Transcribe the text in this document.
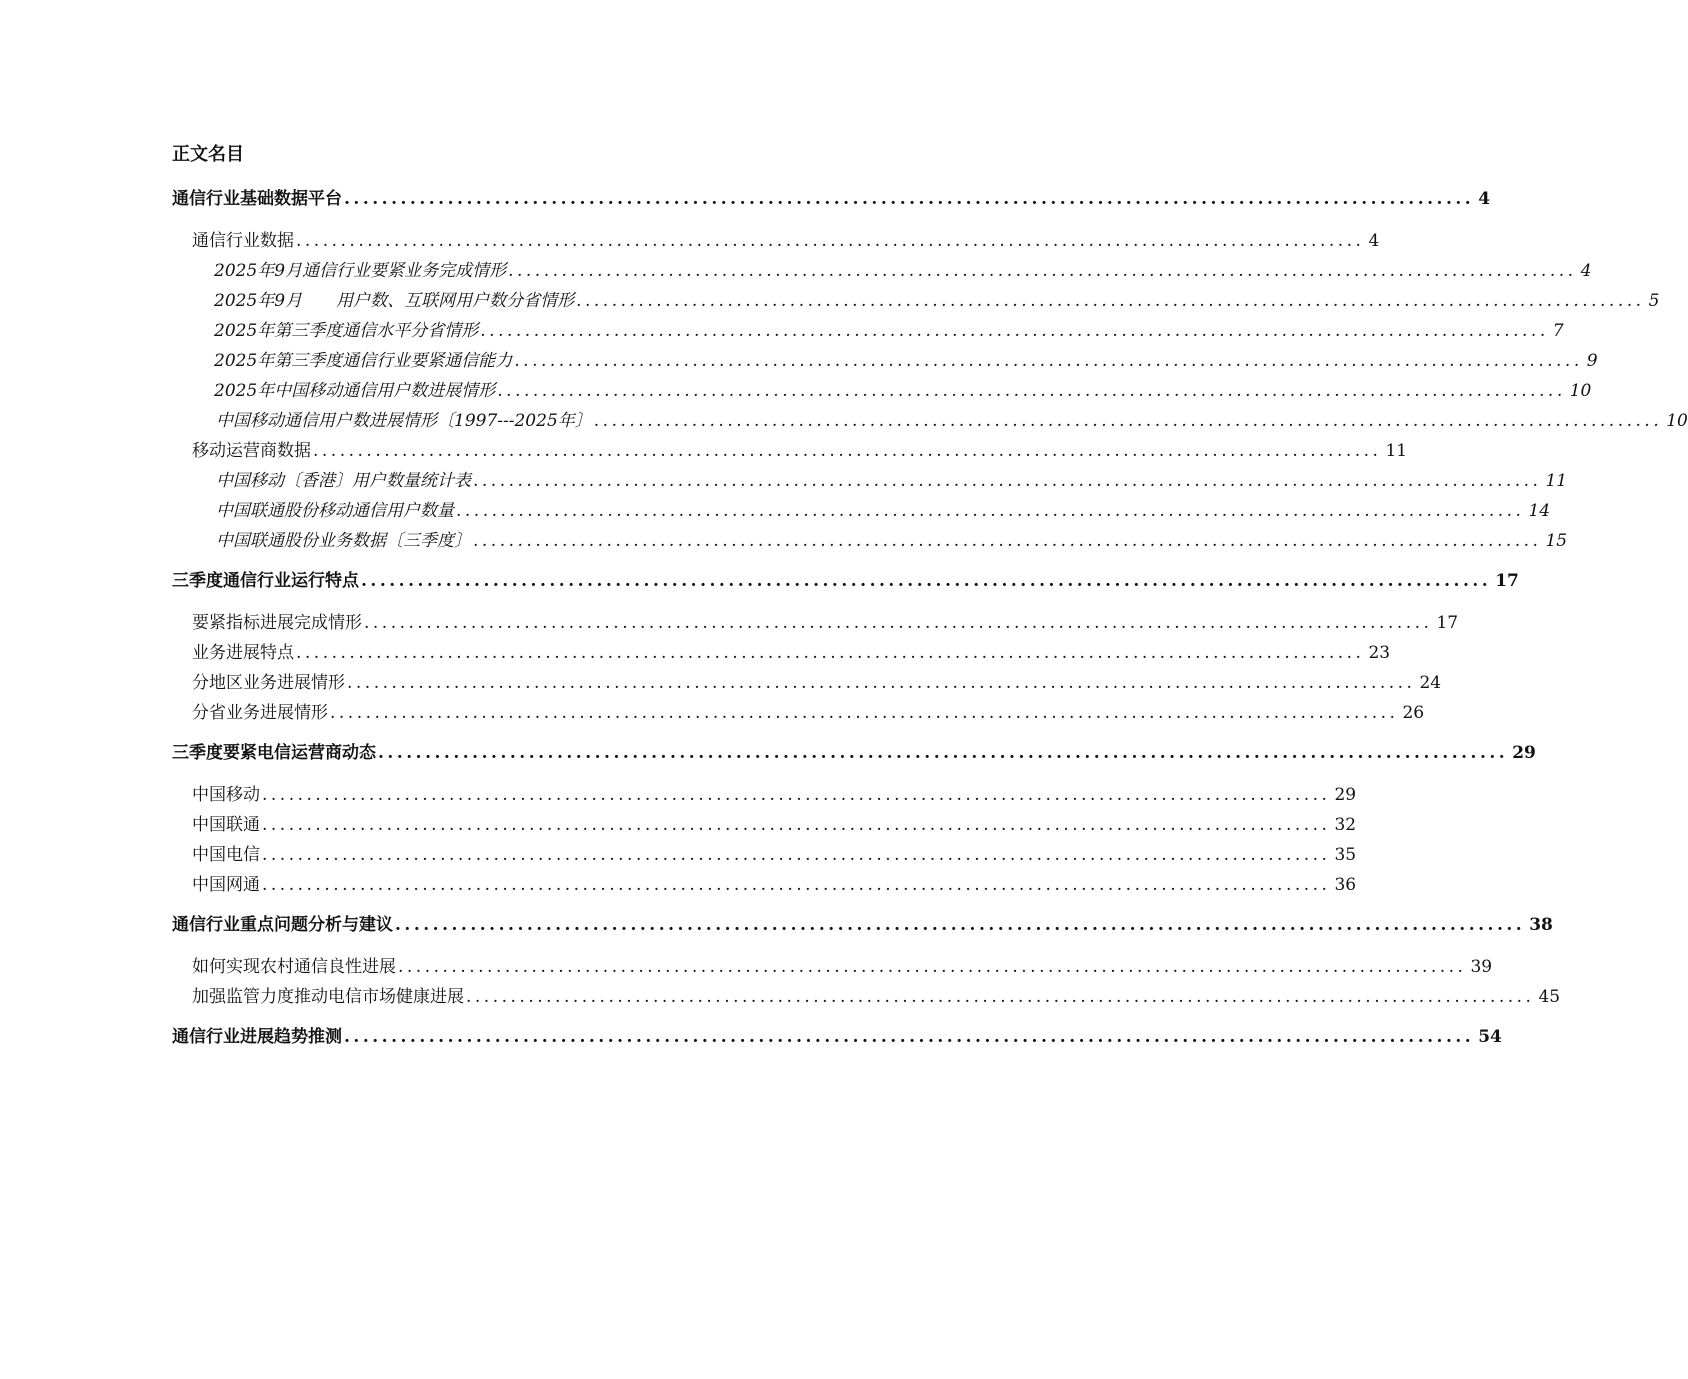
正文名目
通信行业基础数据平台 ........................................................................................................................ 4
通信行业数据 ........................................................................................................................ 4
2025年9月通信行业要紧业务完成情形 ........................................................................................................................ 4
2025年9月　　用户数、互联网用户数分省情形 ........................................................................................................................ 5
2025年第三季度通信水平分省情形 ........................................................................................................................ 7
2025年第三季度通信行业要紧通信能力 ........................................................................................................................ 9
2025年中国移动通信用户数进展情形 ........................................................................................................................ 10
中国移动通信用户数进展情形〔1997---2025年〕 ........................................................................................................................ 10
移动运营商数据 ........................................................................................................................ 11
中国移动〔香港〕用户数量统计表 ........................................................................................................................ 11
中国联通股份移动通信用户数量 ........................................................................................................................ 14
中国联通股份业务数据〔三季度〕 ........................................................................................................................ 15
三季度通信行业运行特点 ........................................................................................................................ 17
要紧指标进展完成情形 ........................................................................................................................ 17
业务进展特点 ........................................................................................................................ 23
分地区业务进展情形 ........................................................................................................................ 24
分省业务进展情形 ........................................................................................................................ 26
三季度要紧电信运营商动态 ........................................................................................................................ 29
中国移动 ........................................................................................................................ 29
中国联通 ........................................................................................................................ 32
中国电信 ........................................................................................................................ 35
中国网通 ........................................................................................................................ 36
通信行业重点问题分析与建议 ........................................................................................................................ 38
如何实现农村通信良性进展 ........................................................................................................................ 39
加强监管力度推动电信市场健康进展 ........................................................................................................................ 45
通信行业进展趋势推测 ........................................................................................................................ 54
